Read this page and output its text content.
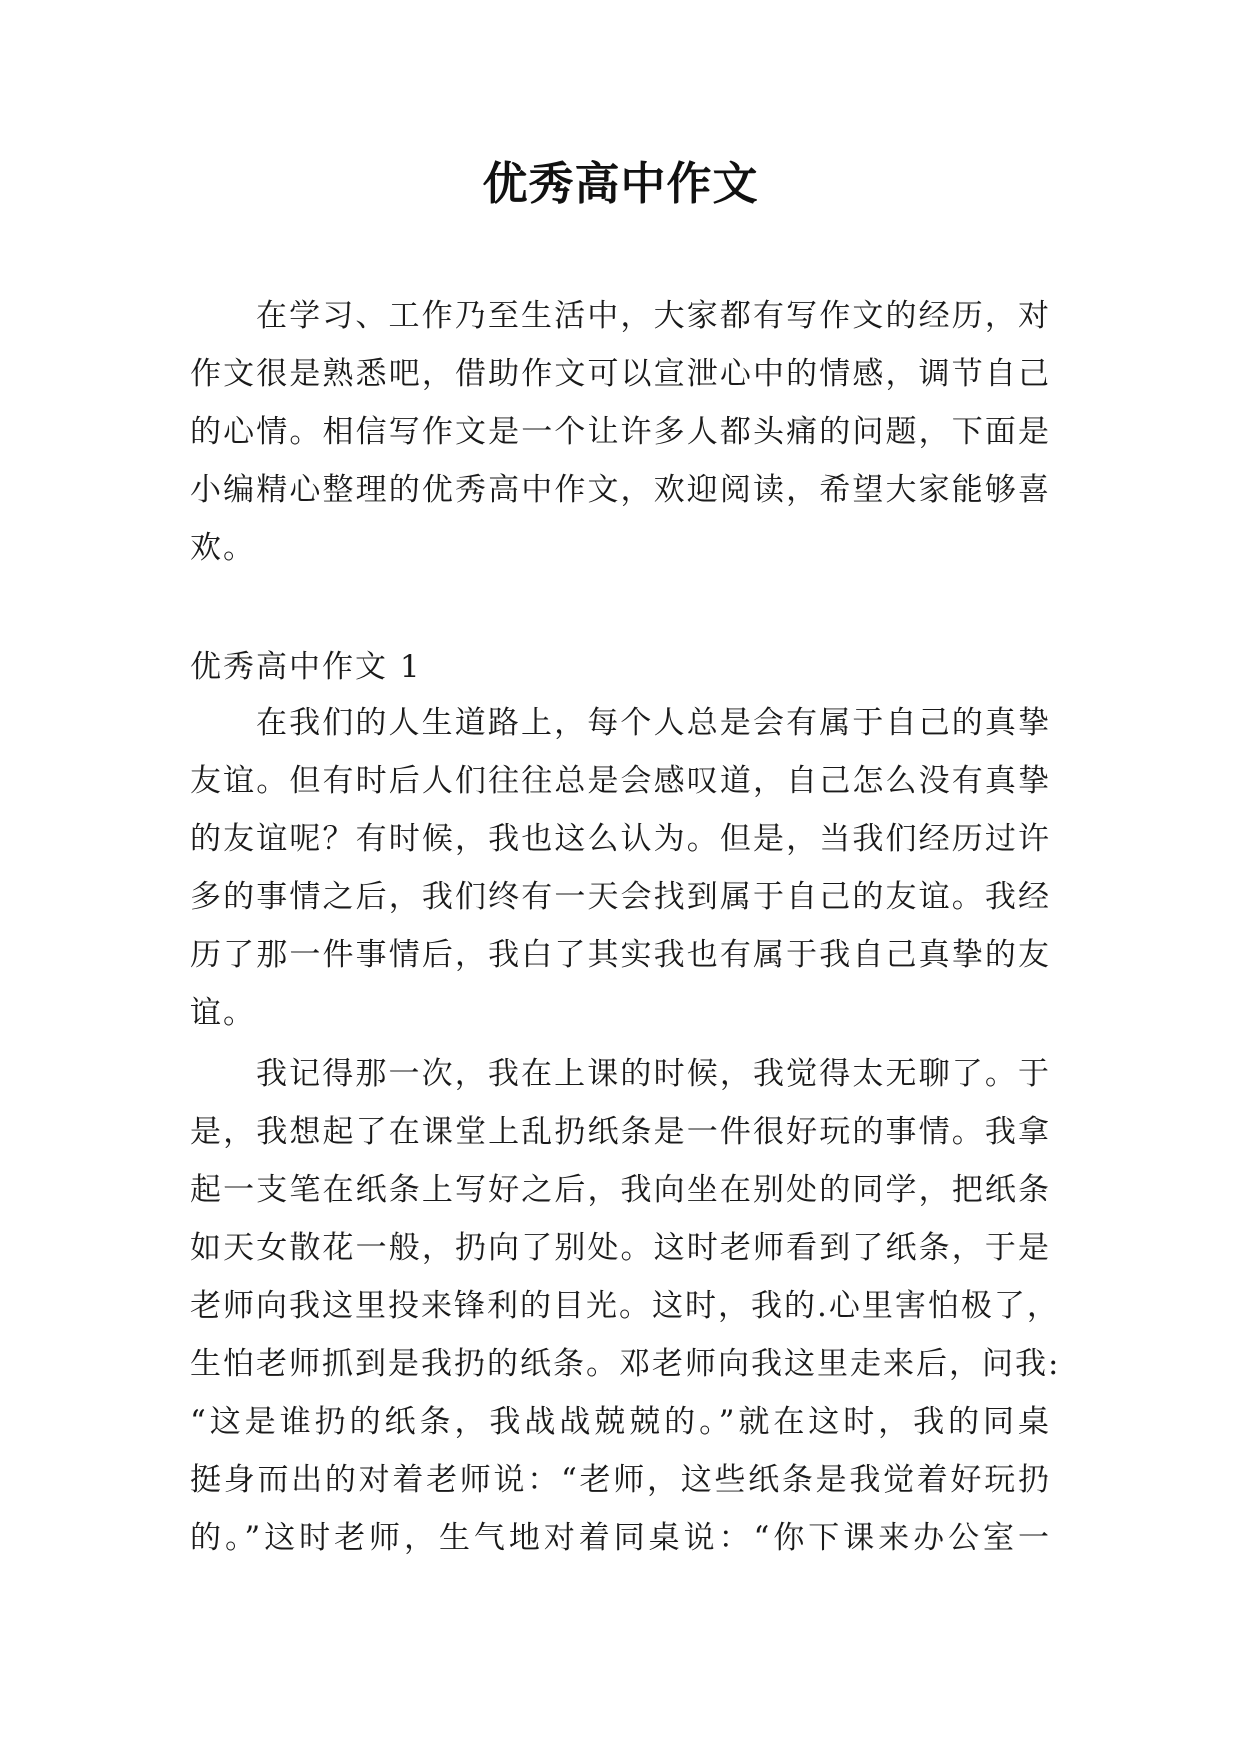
优秀高中作文
在学习、工作乃至生活中，大家都有写作文的经历，对
作文很是熟悉吧，借助作文可以宣泄心中的情感，调节自己
的心情。相信写作文是一个让许多人都头痛的问题，下面是
小编精心整理的优秀高中作文，欢迎阅读，希望大家能够喜
欢。
优秀高中作文 1
在我们的人生道路上，每个人总是会有属于自己的真挚
友谊。但有时后人们往往总是会感叹道，自己怎么没有真挚
的友谊呢？有时候，我也这么认为。但是，当我们经历过许
多的事情之后，我们终有一天会找到属于自己的友谊。我经
历了那一件事情后，我白了其实我也有属于我自己真挚的友
谊。
我记得那一次，我在上课的时候，我觉得太无聊了。于
是，我想起了在课堂上乱扔纸条是一件很好玩的事情。我拿
起一支笔在纸条上写好之后，我向坐在别处的同学，把纸条
如天女散花一般，扔向了别处。这时老师看到了纸条，于是
老师向我这里投来锋利的目光。这时，我的.心里害怕极了，
生怕老师抓到是我扔的纸条。邓老师向我这里走来后，问我:
“这是谁扔的纸条，我战战兢兢的。”就在这时，我的同桌
挺身而出的对着老师说：“老师，这些纸条是我觉着好玩扔
的。”这时老师，生气地对着同桌说：“你下课来办公室一
